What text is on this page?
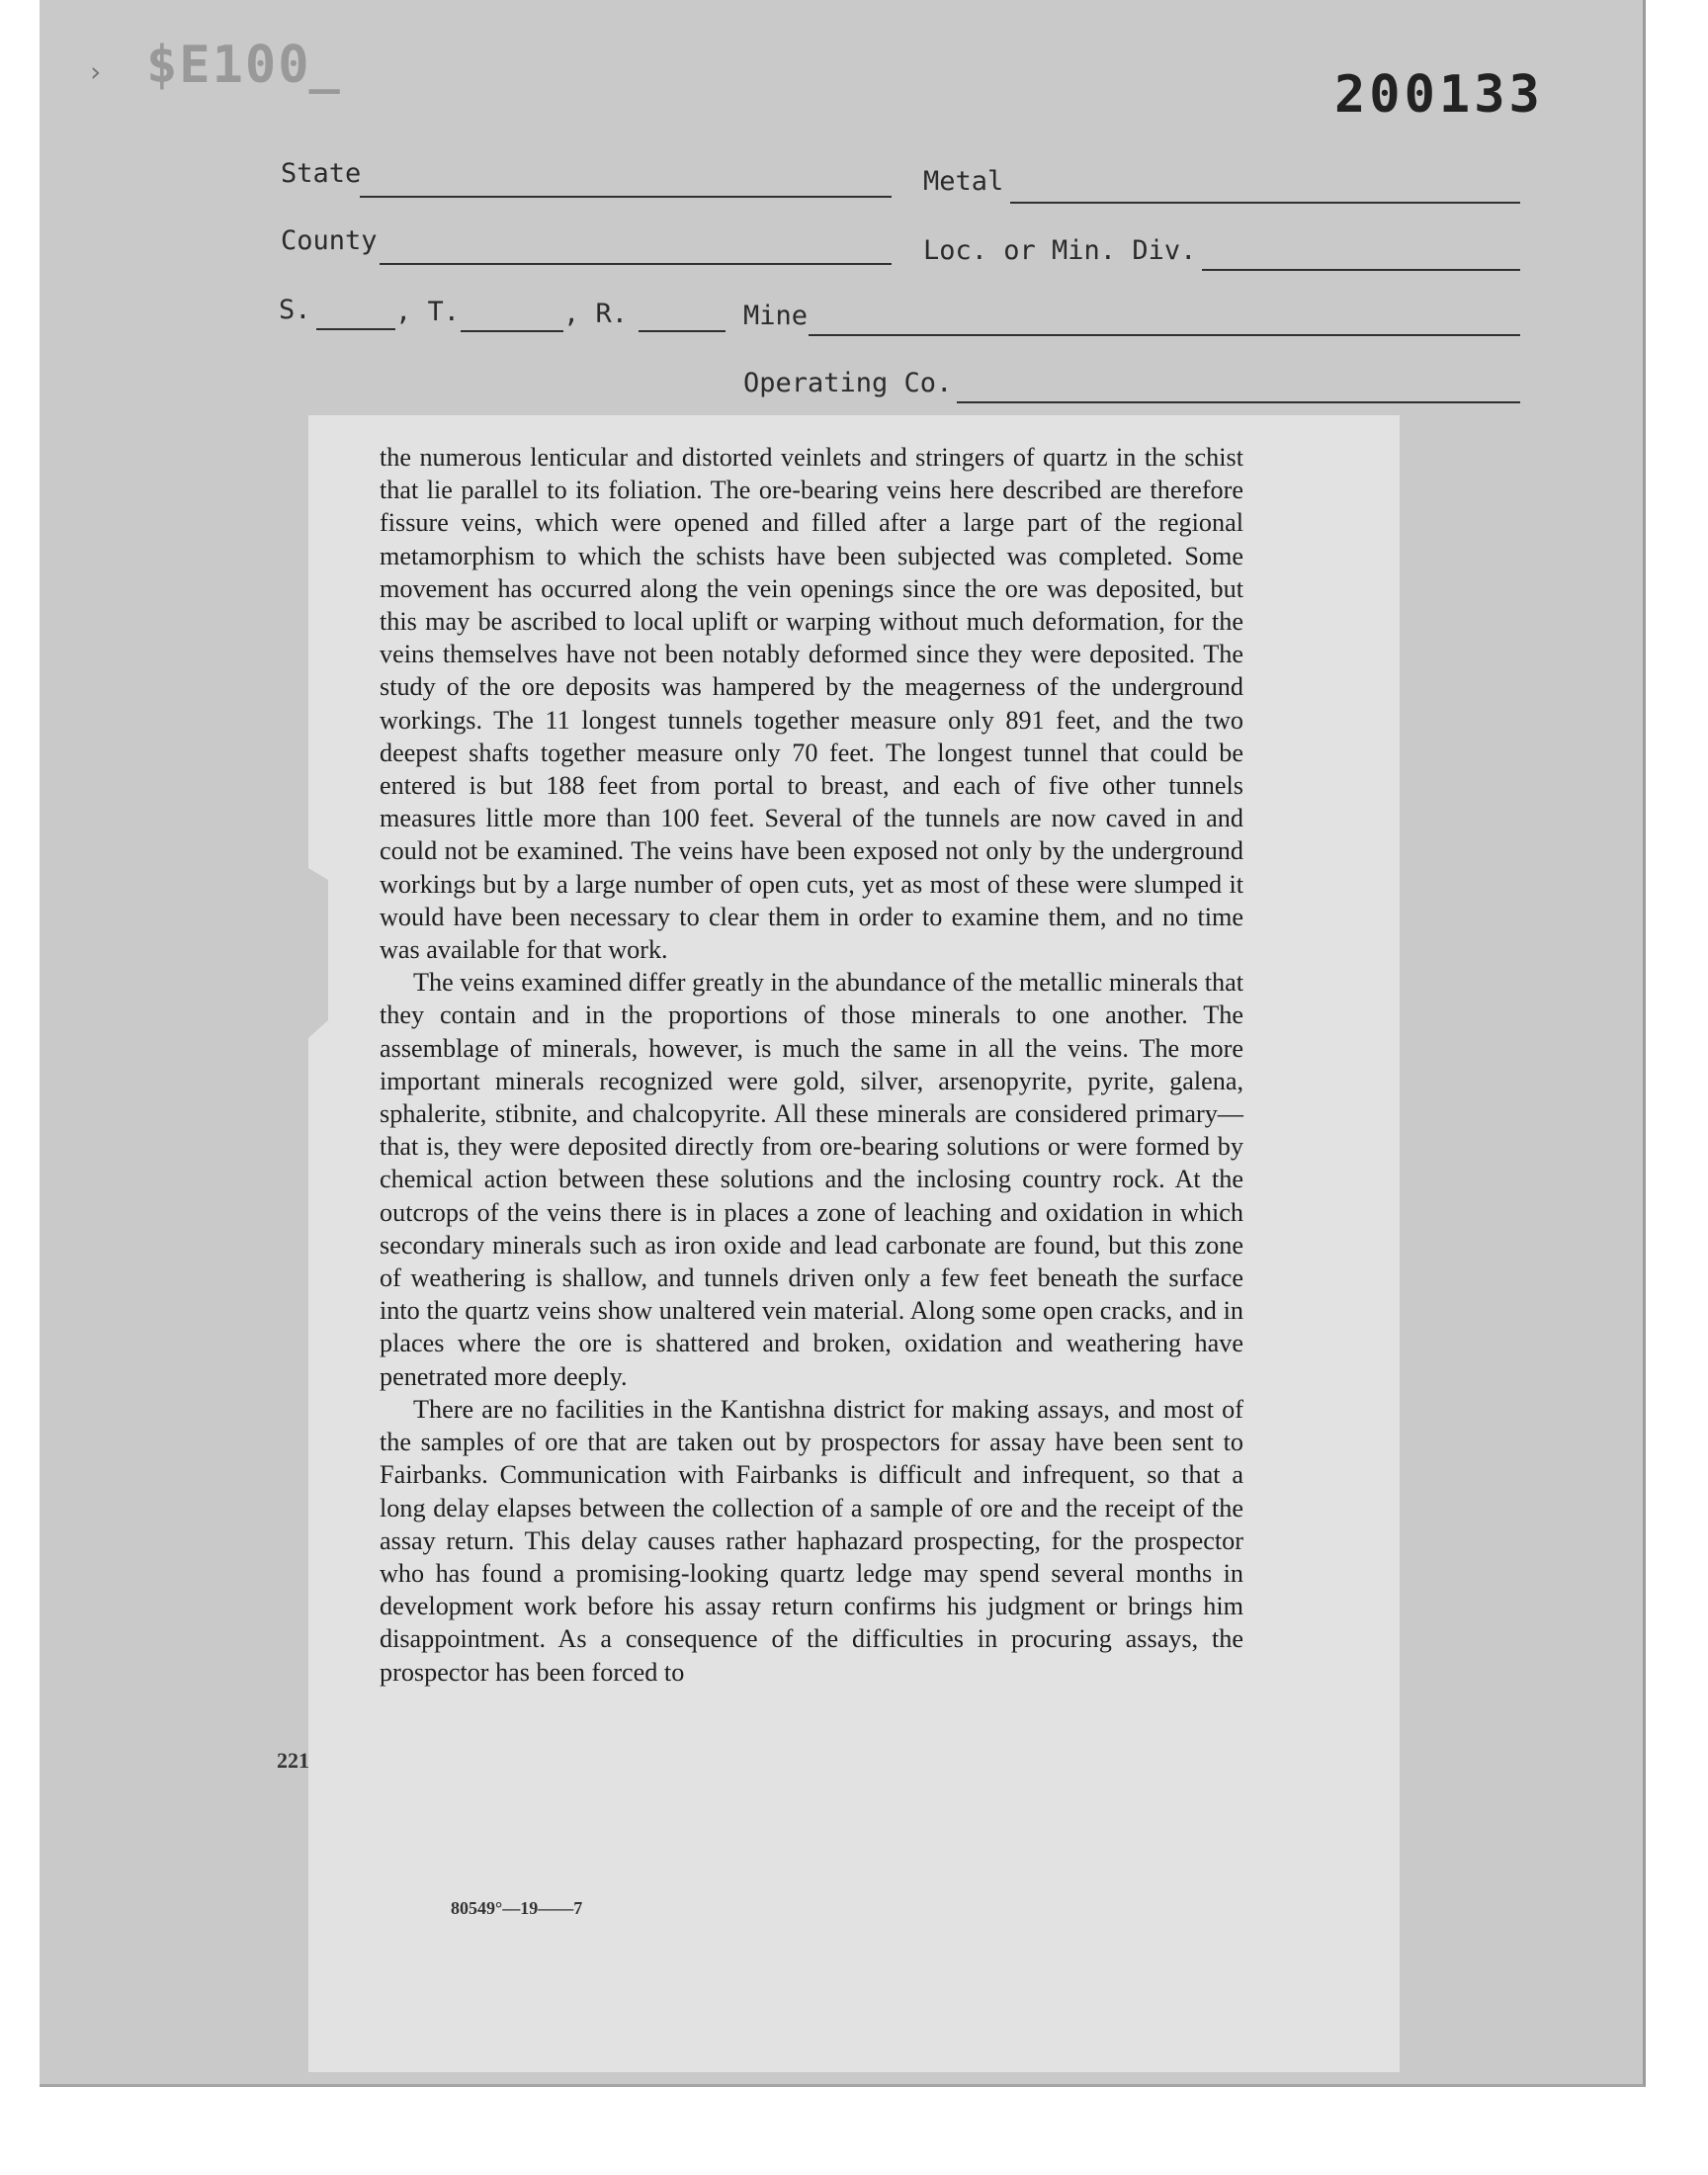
› $E100̲	200133
State	Metal
County	Loc. or Min. Div.
S.	, T.	, R.	Mine
Operating Co.

the numerous lenticular and distorted veinlets and stringers of quartz in the schist that lie parallel to its foliation. The ore-bearing veins here described are therefore fissure veins, which were opened and filled after a large part of the regional metamorphism to which the schists have been subjected was completed. Some movement has occurred along the vein openings since the ore was deposited, but this may be ascribed to local uplift or warping without much deformation, for the veins themselves have not been notably deformed since they were deposited. The study of the ore deposits was hampered by the meagerness of the underground workings. The 11 longest tunnels together measure only 891 feet, and the two deepest shafts together measure only 70 feet. The longest tunnel that could be entered is but 188 feet from portal to breast, and each of five other tunnels measures little more than 100 feet. Several of the tunnels are now caved in and could not be examined. The veins have been exposed not only by the underground workings but by a large number of open cuts, yet as most of these were slumped it would have been necessary to clear them in order to examine them, and no time was available for that work.

The veins examined differ greatly in the abundance of the metallic minerals that they contain and in the proportions of those minerals to one another. The assemblage of minerals, however, is much the same in all the veins. The more important minerals recognized were gold, silver, arsenopyrite, pyrite, galena, sphalerite, stibnite, and chalcopyrite. All these minerals are considered primary—that is, they were deposited directly from ore-bearing solutions or were formed by chemical action between these solutions and the inclosing country rock. At the outcrops of the veins there is in places a zone of leaching and oxidation in which secondary minerals such as iron oxide and lead carbonate are found, but this zone of weathering is shallow, and tunnels driven only a few feet beneath the surface into the quartz veins show unaltered vein material. Along some open cracks, and in places where the ore is shattered and broken, oxidation and weathering have penetrated more deeply.

There are no facilities in the Kantishna district for making assays, and most of the samples of ore that are taken out by prospectors for assay have been sent to Fairbanks. Communication with Fairbanks is difficult and infrequent, so that a long delay elapses between the collection of a sample of ore and the receipt of the assay return. This delay causes rather haphazard prospecting, for the prospector who has found a promising-looking quartz ledge may spend several months in development work before his assay return confirms his judgment or brings him disappointment. As a consequence of the difficulties in procuring assays, the prospector has been forced to

221
80549°—19——7
